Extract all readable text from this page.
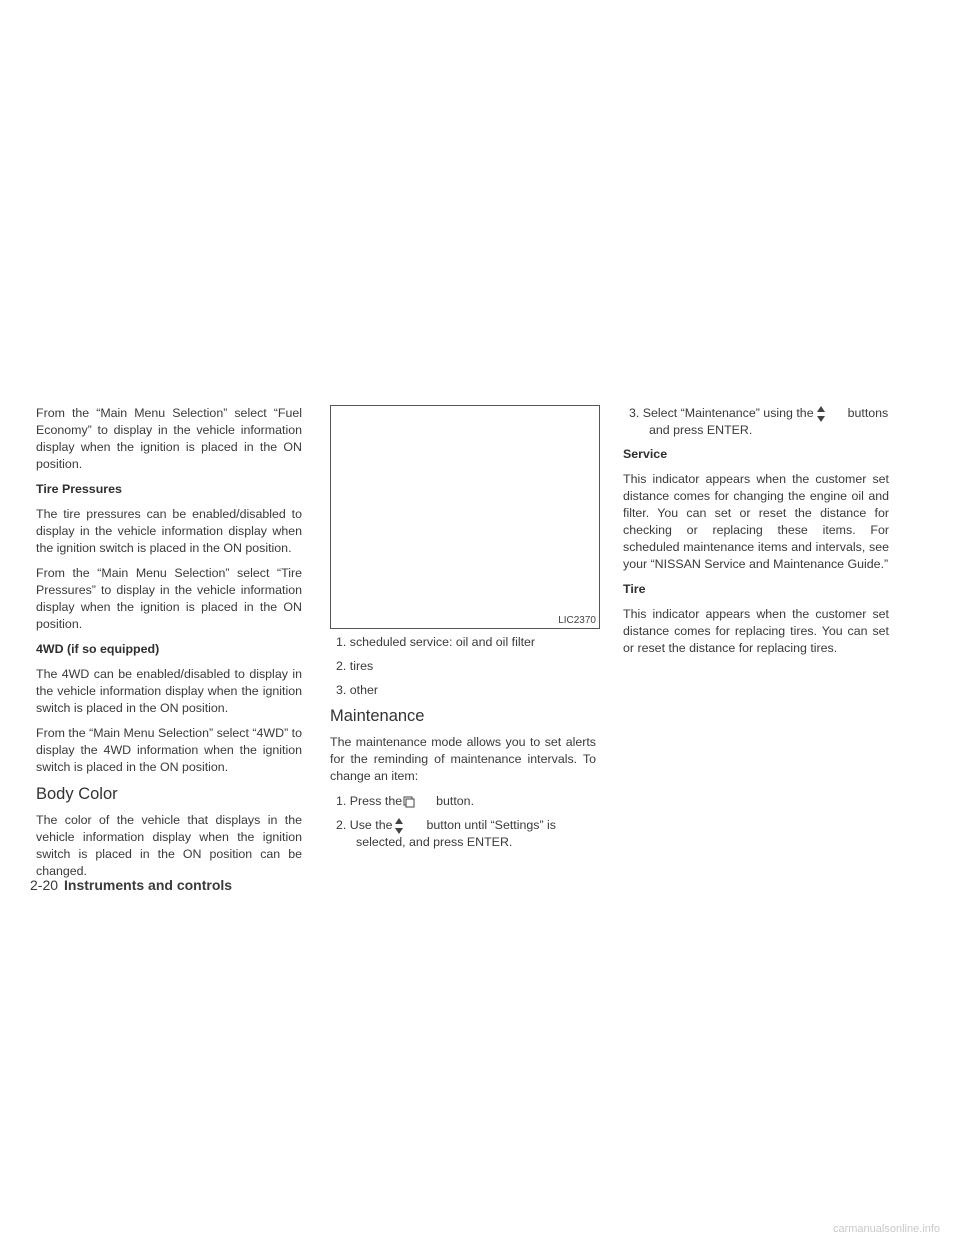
From the “Main Menu Selection” select “Fuel Economy” to display in the vehicle information display when the ignition is placed in the ON position.

Tire Pressures

The tire pressures can be enabled/disabled to display in the vehicle information display when the ignition switch is placed in the ON position.

From the “Main Menu Selection” select “Tire Pressures” to display in the vehicle information display when the ignition is placed in the ON position.

4WD (if so equipped)

The 4WD can be enabled/disabled to display in the vehicle information display when the ignition switch is placed in the ON position.

From the “Main Menu Selection” select “4WD” to display the 4WD information when the ignition switch is placed in the ON position.

Body Color

The color of the vehicle that displays in the vehicle information display when the ignition switch is placed in the ON position can be changed.

LIC2370
1. scheduled service: oil and oil filter
2. tires
3. other
Maintenance

The maintenance mode allows you to set alerts for the reminding of maintenance intervals. To change an item:

1. Press the	button.
2. Use the	button until “Settings” is selected, and press ENTER.
3. Select “Maintenance” using the	buttons and press ENTER.
Service

This indicator appears when the customer set distance comes for changing the engine oil and filter. You can set or reset the distance for checking or replacing these items. For scheduled maintenance items and intervals, see your “NISSAN Service and Maintenance Guide.”

Tire

This indicator appears when the customer set distance comes for replacing tires. You can set or reset the distance for replacing tires.

2-20 Instruments and controls
carmanualsonline.info
